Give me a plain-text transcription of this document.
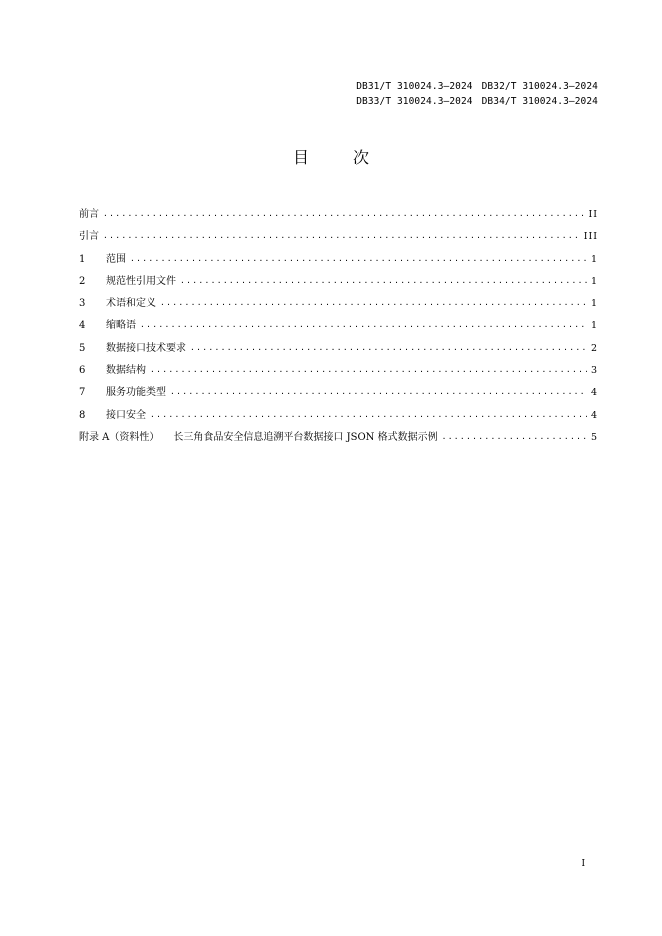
DB31/T 310024.3—2024 DB32/T 310024.3—2024
DB33/T 310024.3—2024 DB34/T 310024.3—2024
目次
前言 .....	II
引言 .....	III
1	范围 .....	1
2	规范性引用文件 .....	1
3	术语和定义 .....	1
4	缩略语 .....	1
5	数据接口技术要求 .....	2
6	数据结构 .....	3
7	服务功能类型 .....	4
8	接口安全 .....	4
附录 A（资料性） 长三角食品安全信息追溯平台数据接口 JSON 格式数据示例 .....	5
I
